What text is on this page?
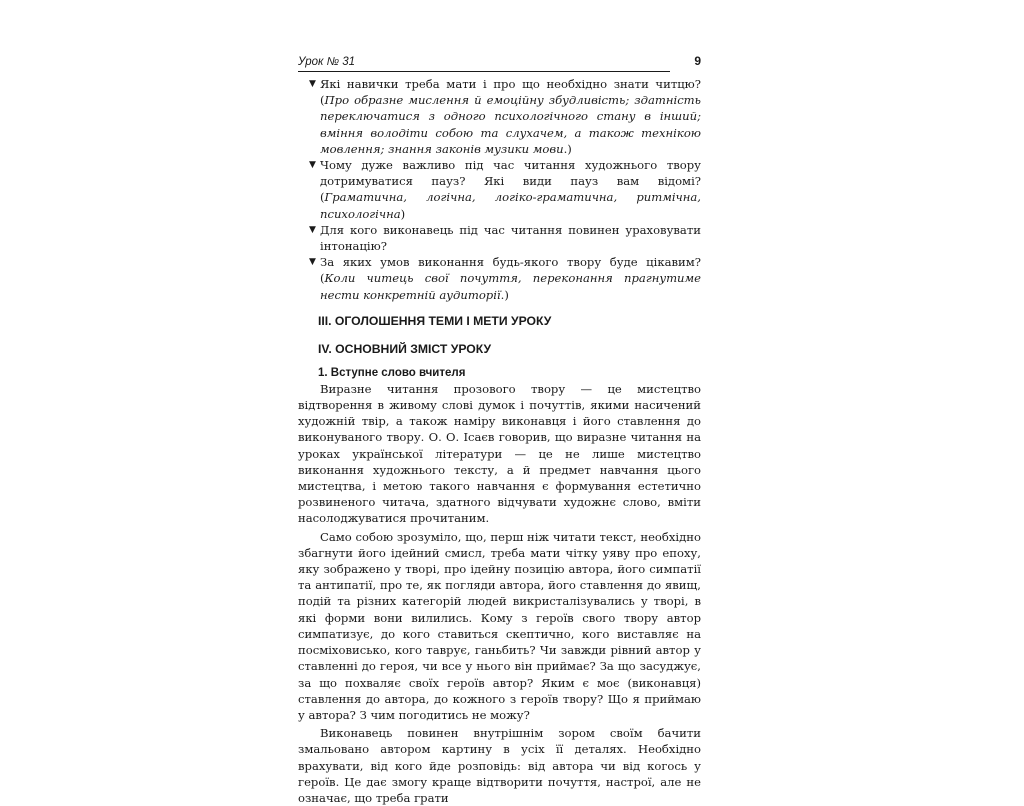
Урок № 31	9
▼ Які навички треба мати і про що необхідно знати читцю? (Про образне мислення й емоційну збудливість; здатність переключатися з одного психологічного стану в інший; вміння володіти собою та слухачем, а також технікою мовлення; знання законів музики мови.)
▼ Чому дуже важливо під час читання художнього твору дотримуватися пауз? Які види пауз вам відомі? (Граматична, логічна, логіко-граматична, ритмічна, психологічна)
▼ Для кого виконавець під час читання повинен ураховувати інтонацію?
▼ За яких умов виконання будь-якого твору буде цікавим? (Коли читець свої почуття, переконання прагнутиме нести конкретній аудиторії.)
ІІІ. ОГОЛОШЕННЯ ТЕМИ І МЕТИ УРОКУ
IV. ОСНОВНИЙ ЗМІСТ УРОКУ
1. Вступне слово вчителя

Виразне читання прозового твору — це мистецтво відтворення в живому слові думок і почуттів, якими насичений художній твір, а також наміру виконавця і його ставлення до виконуваного твору. О. О. Ісаєв говорив, що виразне читання на уроках української літератури — це не лише мистецтво виконання художнього тексту, а й предмет навчання цього мистецтва, і метою такого навчання є формування естетично розвиненого читача, здатного відчувати художнє слово, вміти насолоджуватися прочитаним.

Само собою зрозуміло, що, перш ніж читати текст, необхідно збагнути його ідейний смисл, треба мати чітку уяву про епоху, яку зображено у творі, про ідейну позицію автора, його симпатії та антипатії, про те, як погляди автора, його ставлення до явищ, подій та різних категорій людей викристалізувались у творі, в які форми вони вилились. Кому з героїв свого твору автор симпатизує, до кого ставиться скептично, кого виставляє на посміховисько, кого таврує, ганьбить? Чи завжди рівний автор у ставленні до героя, чи все у нього він приймає? За що засуджує, за що похваляє своїх героїв автор? Яким є моє (виконавця) ставлення до автора, до кожного з героїв твору? Що я приймаю у автора? З чим погодитись не можу?

Виконавець повинен внутрішнім зором своїм бачити змальовано автором картину в усіх її деталях. Необхідно врахувати, від кого йде розповідь: від автора чи від когось у героїв. Це дає змогу краще відтворити почуття, настрої, але не означає, що треба грати
